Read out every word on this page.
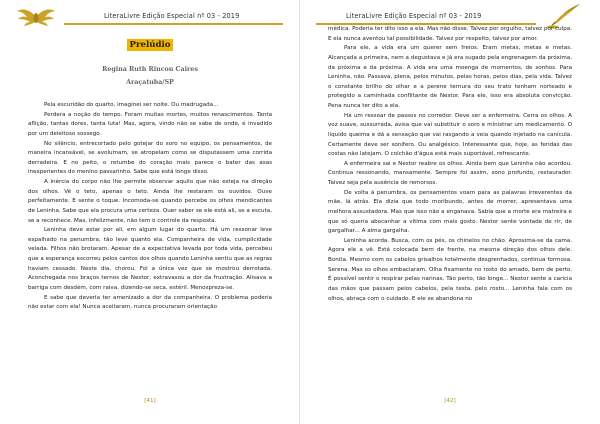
LiteraLivre Edição Especial nº 03 - 2019
Prelúdio
Regina Ruth Rincon Caires
Araçatuba/SP

Pela escuridão do quarto, imaginei ser noite. Ou madrugada...

Perdera a noção do tempo. Foram muitas mortes, muitos renascimentos. Tanta aflição, tantas dores, tanta luta! Mas, agora, vindo não se sabe de onde, é invadido por um deleitoso sossego.

No silêncio, entrecortado pelo gotejar do soro no equipo, os pensamentos, de maneira incansável, se avolumam, se atropelam como se disputassem uma corrida derradeira. E no peito, o retumbe do coração mais parece o bater das asas inexperientes do menino passarinho. Sabe que está longe disso.

A inércia do corpo não lhe permite observar aquilo que não esteja na direção dos olhos. Vê o teto, apenas o teto. Ainda lhe restaram os ouvidos. Ouve perfeitamente. E sente o toque. Incomoda-se quando percebe os olhos mendicantes de Leninha. Sabe que ela procura uma certeza. Quer saber se ele está ali, se a escuta, se a reconhece. Mas, infelizmente, não tem o controle da resposta.

Leninha deve estar por ali, em algum lugar do quarto. Há um ressonar leve espalhado na penumbra, tão leve quanto ela. Companheira de vida, cumplicidade velada. Filhos não brotaram. Apesar de a expectativa levada por toda vida, percebeu que a esperança escorreu pelos cantos dos olhos quando Leninha sentiu que as regras haviam cessado. Neste dia, chorou. Foi a única vez que se mostrou derrotada. Aconchegada nos braços ternos de Nestor, extravasou a dor da frustração. Alisava a barriga com desdém, com raiva, dizendo-se seca, estéril. Menospreza-se.

E sabe que deveria ter amenizado a dor da companheira. O problema poderia não estar com ela! Nunca aceitaram, nunca procuraram orientação

[41]
LiteraLivre Edição Especial nº 03 - 2019

médica. Poderia ter dito isso a ela. Mas não disse. Talvez por orgulho, talvez por culpa. E ela nunca aventou tal possibilidade. Talvez por respeito, talvez por amor.

Para ele, a vida era um querer sem freios. Eram metas, metas e metas. Alcançada a primeira, nem a degustava e já era sugado pela engrenagem da próxima, da próxima e da próxima. A vida era uma moenga de momentos, de sonhos. Para Leninha, não. Passava, plena, pelos minutos, pelas horas, pelos dias, pela vida. Talvez o constante brilho do olhar e a perene ternura do seu trato tenham norteado e protegido a caminhada conflitante de Nestor. Para ele, isso era absoluta convicção. Pena nunca ter dito a ela.

Há um ressoar de passos no corredor. Deve ser a enfermeira. Cerra os olhos. A voz suave, sussurrada, avisa que vai substituir o soro e ministrar um medicamento. O líquido queima e dá a sensação que vai rasgando a veia quando injetado na canícula. Certamente deve ser sonífero. Ou analgésico. Interessante que, hoje, as feridas das costas não latejam. O colchão d'água está mais suportável, refrescante.

A enfermeira sai e Nestor reabre os olhos. Ainda bem que Leninha não acordou. Continua ressonando, mansamente. Sempre foi assim, sono profundo, restaurador. Talvez seja pela ausência de remorsos.

De volta à penumbra, os pensamentos voam para as palavras irreverentes da mãe, lá atrás. Ela dizia que todo moribundo, antes de morrer, apresentava uma melhora assustadora. Mas que isso não a enganava. Sabia que a morte era matreira e que só queria abocanhar a vítima com mais gosto. Nestor sente vontade de rir, de gargalhar... A alma gargalha.

Leninha acorda. Busca, com os pés, os chinelos no chão. Aproxima-se da cama. Agora ele a vê. Está colocada bem de frente, na mesma direção dos olhos dele. Bonita. Mesmo com os cabelos grisalhos totalmente desgrenhados, continua formosa. Serena. Mas os olhos embaciaram. Olha fixamente no rosto do amado, bem de perto. É possível sentir o respirar pelas narinas. Tão perto, tão longe... Nestor sente a carícia das mãos que passam pelos cabelos, pela testa, pelo rosto... Leninha fala com os olhos, abraça com o cuidado. E ele se abandona no

[42]
